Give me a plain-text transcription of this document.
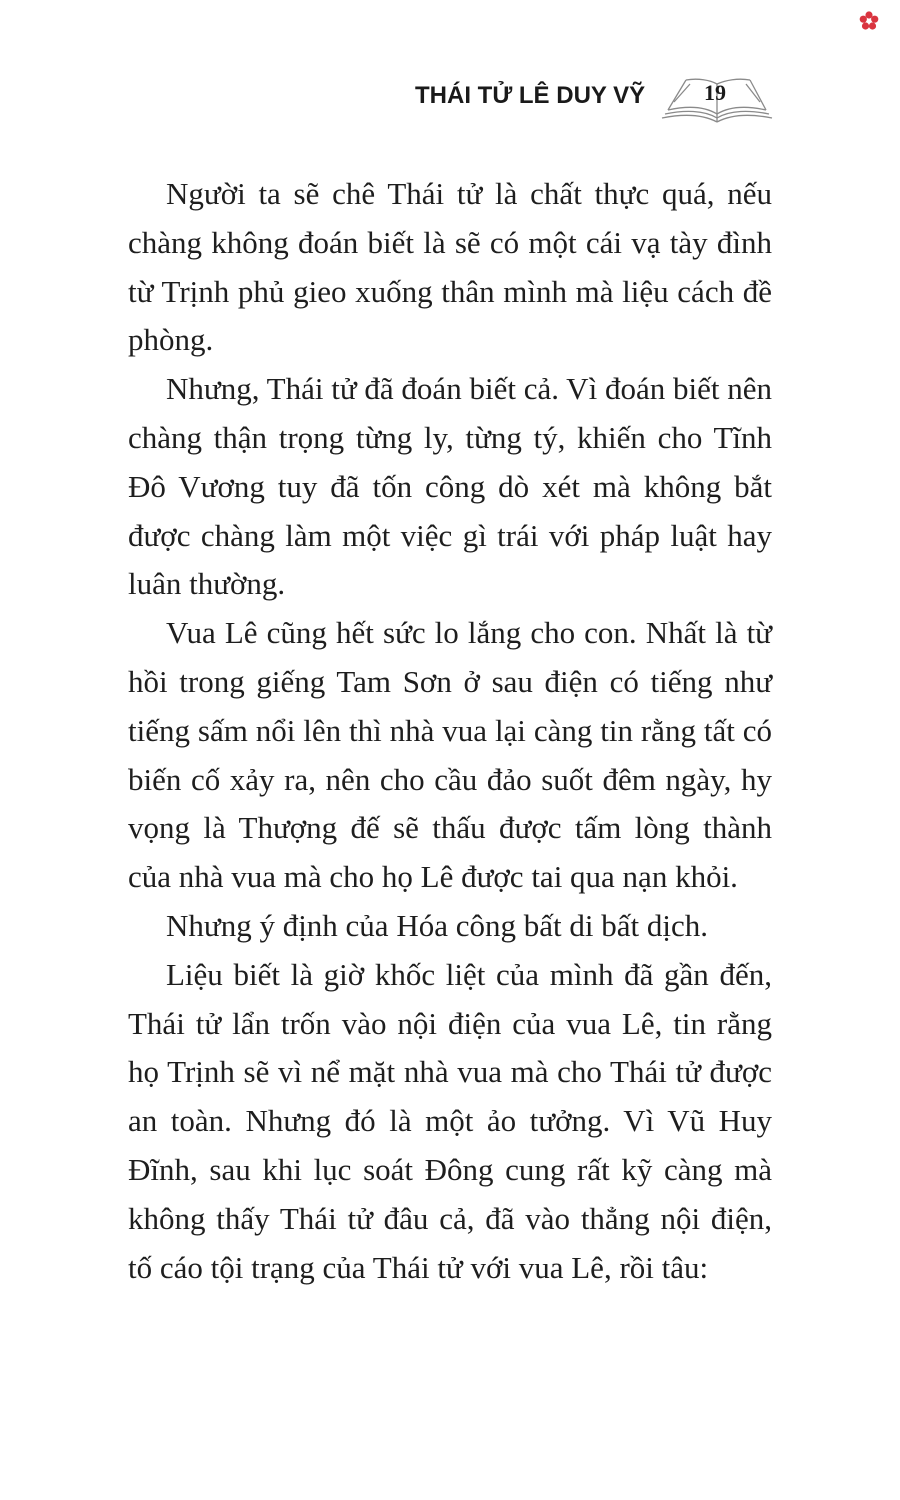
THÁI TỬ LÊ DUY VỸ	19

Người ta sẽ chê Thái tử là chất thực quá, nếu chàng không đoán biết là sẽ có một cái vạ tày đình từ Trịnh phủ gieo xuống thân mình mà liệu cách đề phòng.

Nhưng, Thái tử đã đoán biết cả. Vì đoán biết nên chàng thận trọng từng ly, từng tý, khiến cho Tĩnh Đô Vương tuy đã tốn công dò xét mà không bắt được chàng làm một việc gì trái với pháp luật hay luân thường.

Vua Lê cũng hết sức lo lắng cho con. Nhất là từ hồi trong giếng Tam Sơn ở sau điện có tiếng như tiếng sấm nổi lên thì nhà vua lại càng tin rằng tất có biến cố xảy ra, nên cho cầu đảo suốt đêm ngày, hy vọng là Thượng đế sẽ thấu được tấm lòng thành của nhà vua mà cho họ Lê được tai qua nạn khỏi.

Nhưng ý định của Hóa công bất di bất dịch.

Liệu biết là giờ khốc liệt của mình đã gần đến, Thái tử lẩn trốn vào nội điện của vua Lê, tin rằng họ Trịnh sẽ vì nể mặt nhà vua mà cho Thái tử được an toàn. Nhưng đó là một ảo tưởng. Vì Vũ Huy Đĩnh, sau khi lục soát Đông cung rất kỹ càng mà không thấy Thái tử đâu cả, đã vào thẳng nội điện, tố cáo tội trạng của Thái tử với vua Lê, rồi tâu:
